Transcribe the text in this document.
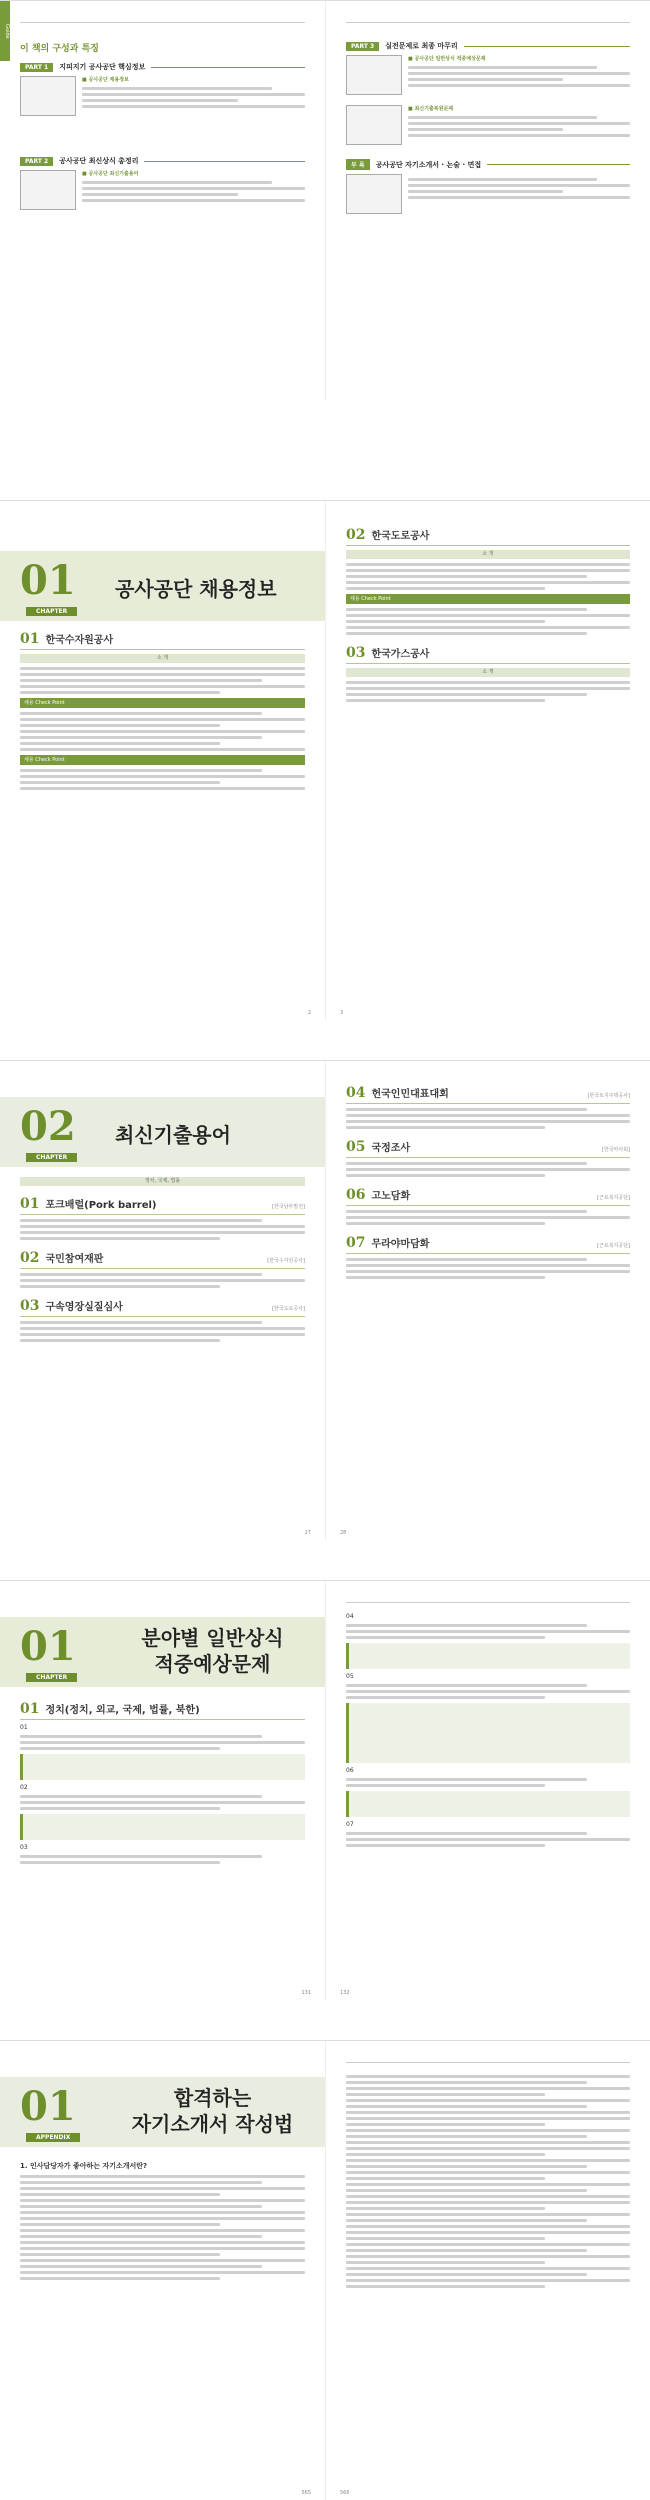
Guide
이 책의 구성과 특징
PART 1	지피지기 공사공단 핵심정보
■ 공사공단 채용정보
PART 2	공사공단 최신상식 총정리
■ 공사공단 최신기출용어
PART 3	실전문제로 최종 마무리
■ 공사공단 일반상식 적중예상문제
■ 최신기출복원문제
부 록	공사공단 자기소개서 · 논술 · 면접
01
CHAPTER
공사공단 채용정보
01 한국수자원공사
소 개
채용 Check Point
채용 Check Point
2
02 한국도로공사
소 개
채용 Check Point
03 한국가스공사
소 개
3
02
CHAPTER
최신기출용어
정치, 국제, 법률
01 포크배럴(Pork barrel)	[한국남부발전]
02 국민참여재판	[한국수자원공사]
03 구속영장실질심사	[한국도로공사]
27
04 헌국인민대표대회	[한국토지주택공사]
05 국정조사	[한국마사회]
06 고노담화	[근로복지공단]
07 무라야마담화	[근로복지공단]
28
01
CHAPTER
분야별 일반상식
적중예상문제
01 정치(정치, 외교, 국제, 법률, 북한)
01
02
03
131
04
05
06
07
132
01
APPENDIX
합격하는
자기소개서 작성법
1. 인사담당자가 좋아하는 자기소개서란?
565	566
